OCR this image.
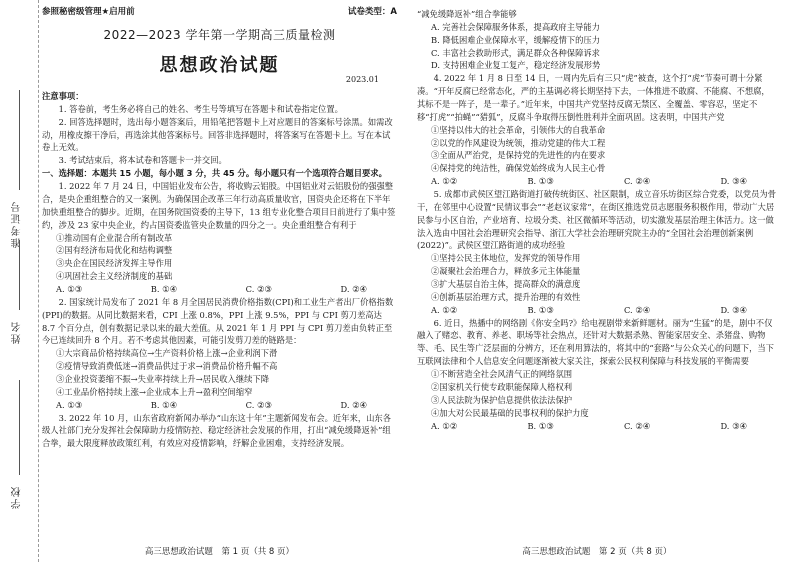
准考证号
姓名
学校
参照秘密级管理★启用前	试卷类型：A
2022—2023 学年第一学期高三质量检测
思想政治试题
2023.01
注意事项：

1. 答卷前，考生务必将自己的姓名、考生号等填写在答题卡和试卷指定位置。

2. 回答选择题时，选出每小题答案后，用铅笔把答题卡上对应题目的答案标号涂黑。如需改动，用橡皮擦干净后，再选涂其他答案标号。回答非选择题时，将答案写在答题卡上。写在本试卷上无效。

3. 考试结束后，将本试卷和答题卡一并交回。

一、选择题：本题共 15 小题，每小题 3 分，共 45 分。每小题只有一个选项符合题目要求。

1. 2022 年 7 月 24 日，中国铝业发布公告，将收购云铝股。中国铝业对云铝股份的强强整合，是央企重组整合的又一案例。为确保国企改革三年行动高质量收官，国资央企还将在下半年加快重组整合的脚步。近期，在国务院国资委的主导下，13 组专业化整合项目日前进行了集中签约，涉及 23 家中央企业，约占国资委监管央企数量的四分之一。央企重组整合有利于

①推动国有企业混合所有制改革
②国有经济布局优化和结构调整
③央企在国民经济发挥主导作用
④巩固社会主义经济制度的基础
A. ①③	B. ①④	C. ②③	D. ②④

2. 国家统计局发布了 2021 年 8 月全国居民消费价格指数(CPI)和工业生产者出厂价格指数(PPI)的数据。从同比数据来看，CPI 上涨 0.8%，PPI 上涨 9.5%，PPI 与 CPI 剪刀差高达 8.7 个百分点，创有数据记录以来的最大差值。从 2021 年 1 月 PPI 与 CPI 剪刀差由负转正至今已连续回升 8 个月。若不考虑其他因素，可能引发剪刀差的链路是：

①大宗商品价格持续高位→生产资料价格上涨→企业利润下滑
②疫情导致消费低迷→消费品供过于求→消费品价格升幅不高
③企业投资萎缩不振→失业率持续上升→居民收入继续下降
④工业品价格持续上涨→企业成本上升→盈利空间缩窄
A. ①③	B. ①④	C. ②③	D. ②④

3. 2022 年 10 月，山东省政府新闻办举办“山东这十年”主题新闻发布会。近年来，山东各级人社部门充分发挥社会保障助力疫情防控、稳定经济社会发展的作用，打出“减免缓降返补”组合拳，最大限度释放政策红利，有效应对疫情影响，纾解企业困难，支持经济发展。

高三思想政治试题　第 1 页（共 8 页）

“减免缓降返补”组合拳能够

A. 完善社会保障服务体系，提高政府主导能力
B. 降低困难企业保障水平，缓解疫情下的压力
C. 丰富社会救助形式，满足群众各种保障诉求
D. 支持困难企业复工复产，稳定经济发展形势

4. 2022 年 1 月 8 日至 14 日，一周内先后有三只“虎”被查，这个打“虎”节奏可谓十分紧凑。“开年反腐已经常态化，严的主基调必将长期坚持下去，一体推进不敢腐、不能腐、不想腐，其标不是一阵子，是一辈子。”近年来，中国共产党坚持反腐无禁区、全覆盖、零容忍，坚定不移“打虎”“拍蝇”“猎狐”，反腐斗争取得压倒性胜利并全面巩固。这表明，中国共产党

①坚持以伟大的社会革命，引领伟大的自我革命
②以党的作风建设为统领，推动党建的伟大工程
③全面从严治党，是保持党的先进性的内在要求
④保持党的纯洁性，确保党始终成为人民主心骨
A. ①②	B. ①③	C. ②④	D. ③④

5. 成都市武侯区望江路街道打破传统街区、社区限制，成立音乐坊街区综合党委，以党员为骨干，在邻里中心设置“民情议事会”“老赵议家常”，在街区推选党员志愿服务积极作用，带动广大居民参与小区自治，产业培育、垃圾分类、社区微循环等活动，切实激发基层治理主体活力。这一做法入选由中国社会治理研究会指导、浙江大学社会治理研究院主办的“全国社会治理创新案例(2022)”。武侯区望江路街道的成功经验

①坚持公民主体地位，发挥党的领导作用
②凝聚社会治理合力，释放多元主体能量
③扩大基层自治主体，提高群众的满意度
④创新基层治理方式，提升治理的有效性
A. ①②	B. ①③	C. ②④	D. ③④

6. 近日，热播中的网络剧《你安全吗?》给电视剧带来新鲜题材。丽为“生猛”的是，剧中不仅融入了赌恋、教育、养老、职场等社会热点，还针对大数据杀熟、智能家居安全、杀猪盘、购物等、毛、民生等广泛层面的分辨方，还在利用算法的，将其中的“套路”与公众关心的问题下，当下互联网法律和个人信息安全问题逐渐被大家关注，探索公民权利保障与科技发展的平衡需要

①不断营造全社会风清气正的网络氛围
②国家机关行使专政职能保障人格权利
③人民法院为保护信息提供依法法保护
④加大对公民最基础的民事权利的保护力度
A. ①②	B. ①③	C. ②④	D. ③④
高三思想政治试题　第 2 页（共 8 页）
